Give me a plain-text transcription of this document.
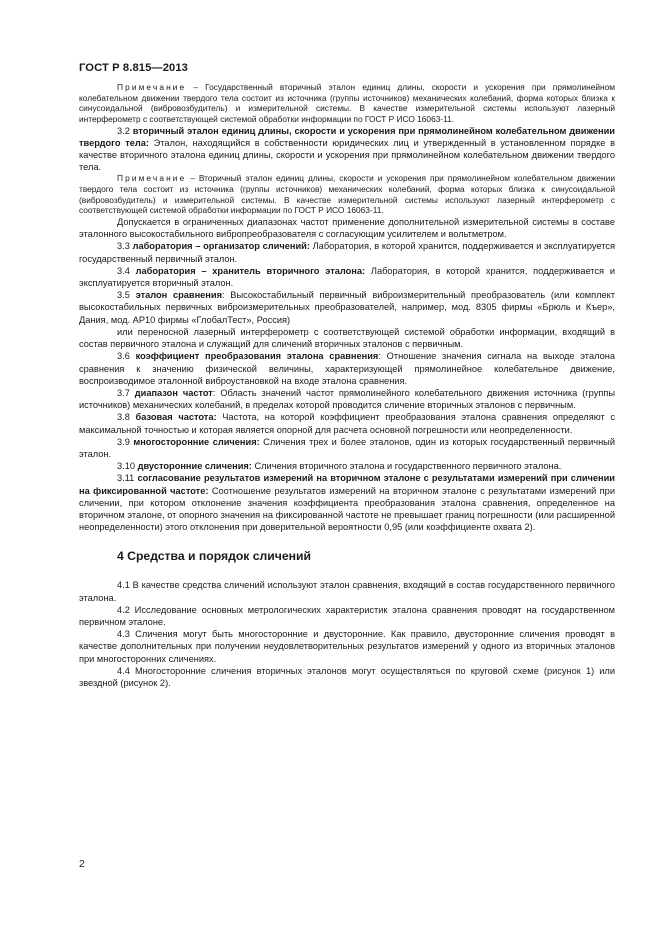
ГОСТ Р 8.815—2013

Примечание – Государственный вторичный эталон единиц длины, скорости и ускорения при прямолинейном колебательном движении твердого тела состоит из источника (группы источников) механических колебаний, форма которых близка к синусоидальной (вибровозбудитель) и измерительной системы. В качестве измерительной системы используют лазерный интерферометр с соответствующей системой обработки информации по ГОСТ Р ИСО 16063-11.

3.2 вторичный эталон единиц длины, скорости и ускорения при прямолинейном колебательном движении твердого тела: Эталон, находящийся в собственности юридических лиц и утвержденный в установленном порядке в качестве вторичного эталона единиц длины, скорости и ускорения при прямолинейном колебательном движении твердого тела.

Примечание – Вторичный эталон единиц длины, скорости и ускорения при прямолинейном колебательном движении твердого тела состоит из источника (группы источников) механических колебаний, форма которых близка к синусоидальной (вибровозбудитель) и измерительной системы. В качестве измерительной системы используют лазерный интерферометр с соответствующей системой обработки информации по ГОСТ Р ИСО 16063-11.

Допускается в ограниченных диапазонах частот применение дополнительной измерительной системы в составе эталонного высокостабильного вибропреобразователя с согласующим усилителем и вольтметром.

3.3 лаборатория – организатор сличений: Лаборатория, в которой хранится, поддерживается и эксплуатируется государственный первичный эталон.

3.4 лаборатория – хранитель вторичного эталона: Лаборатория, в которой хранится, поддерживается и эксплуатируется вторичный эталон.

3.5 эталон сравнения: Высокостабильный первичный виброизмерительный преобразователь (или комплект высокостабильных первичных виброизмерительных преобразователей, например, мод. 8305 фирмы «Брюль и Къер», Дания, мод. АР10 фирмы «ГлобалТест», Россия)

или переносной лазерный интерферометр с соответствующей системой обработки информации, входящий в состав первичного эталона и служащий для сличений вторичных эталонов с первичным.

3.6 коэффициент преобразования эталона сравнения: Отношение значения сигнала на выходе эталона сравнения к значению физической величины, характеризующей прямолинейное колебательное движение, воспроизводимое эталонной виброустановкой на входе эталона сравнения.

3.7 диапазон частот: Область значений частот прямолинейного колебательного движения источника (группы источников) механических колебаний, в пределах которой проводится сличение вторичных эталонов с первичным.

3.8 базовая частота: Частота, на которой коэффициент преобразования эталона сравнения определяют с максимальной точностью и которая является опорной для расчета основной погрешности или неопределенности.

3.9 многосторонние сличения: Сличения трех и более эталонов, один из которых государственный первичный эталон.

3.10 двусторонние сличения: Сличения вторичного эталона и государственного первичного эталона.

3.11 согласование результатов измерений на вторичном эталоне с результатами измерений при сличении на фиксированной частоте: Соотношение результатов измерений на вторичном эталоне с результатами измерений при сличении, при котором отклонение значения коэффициента преобразования эталона сравнения, определенное на вторичном эталоне, от опорного значения на фиксированной частоте не превышает границ погрешности (или расширенной неопределенности) этого отклонения при доверительной вероятности 0,95 (или коэффициенте охвата 2).

4 Средства и порядок сличений

4.1 В качестве средства сличений используют эталон сравнения, входящий в состав государственного первичного эталона.

4.2 Исследование основных метрологических характеристик эталона сравнения проводят на государственном первичном эталоне.

4.3 Сличения могут быть многосторонние и двусторонние. Как правило, двусторонние сличения проводят в качестве дополнительных при получении неудовлетворительных результатов измерений у одного из вторичных эталонов при многосторонних сличениях.

4.4 Многосторонние сличения вторичных эталонов могут осуществляться по круговой схеме (рисунок 1) или звездной (рисунок 2).

2
